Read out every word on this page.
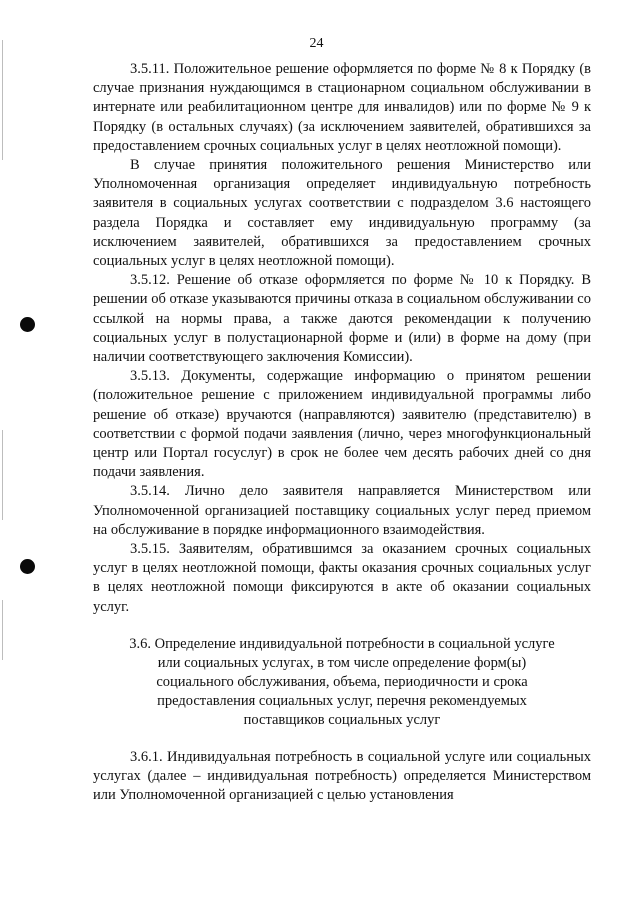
24

3.5.11. Положительное решение оформляется по форме № 8 к Порядку (в случае признания нуждающимся в стационарном социальном обслуживании в интернате или реабилитационном центре для инвалидов) или по форме № 9 к Порядку (в остальных случаях) (за исключением заявителей, обратившихся за предоставлением срочных социальных услуг в целях неотложной помощи).

В случае принятия положительного решения Министерство или Уполномоченная организация определяет индивидуальную потребность заявителя в социальных услугах соответствии с подразделом 3.6 настоящего раздела Порядка и составляет ему индивидуальную программу (за исключением заявителей, обратившихся за предоставлением срочных социальных услуг в целях неотложной помощи).

3.5.12. Решение об отказе оформляется по форме № 10 к Порядку. В решении об отказе указываются причины отказа в социальном обслуживании со ссылкой на нормы права, а также даются рекомендации к получению социальных услуг в полустационарной форме и (или) в форме на дому (при наличии соответствующего заключения Комиссии).

3.5.13. Документы, содержащие информацию о принятом решении (положительное решение с приложением индивидуальной программы либо решение об отказе) вручаются (направляются) заявителю (представителю) в соответствии с формой подачи заявления (лично, через многофункциональный центр или Портал госуслуг) в срок не более чем десять рабочих дней со дня подачи заявления.

3.5.14. Лично дело заявителя направляется Министерством или Уполномоченной организацией поставщику социальных услуг перед приемом на обслуживание в порядке информационного взаимодействия.

3.5.15. Заявителям, обратившимся за оказанием срочных социальных услуг в целях неотложной помощи, факты оказания срочных социальных услуг в целях неотложной помощи фиксируются в акте об оказании социальных услуг.

3.6. Определение индивидуальной потребности в социальной услуге или социальных услугах, в том числе определение форм(ы) социального обслуживания, объема, периодичности и срока предоставления социальных услуг, перечня рекомендуемых поставщиков социальных услуг

3.6.1. Индивидуальная потребность в социальной услуге или социальных услугах (далее – индивидуальная потребность) определяется Министерством или Уполномоченной организацией с целью установления
